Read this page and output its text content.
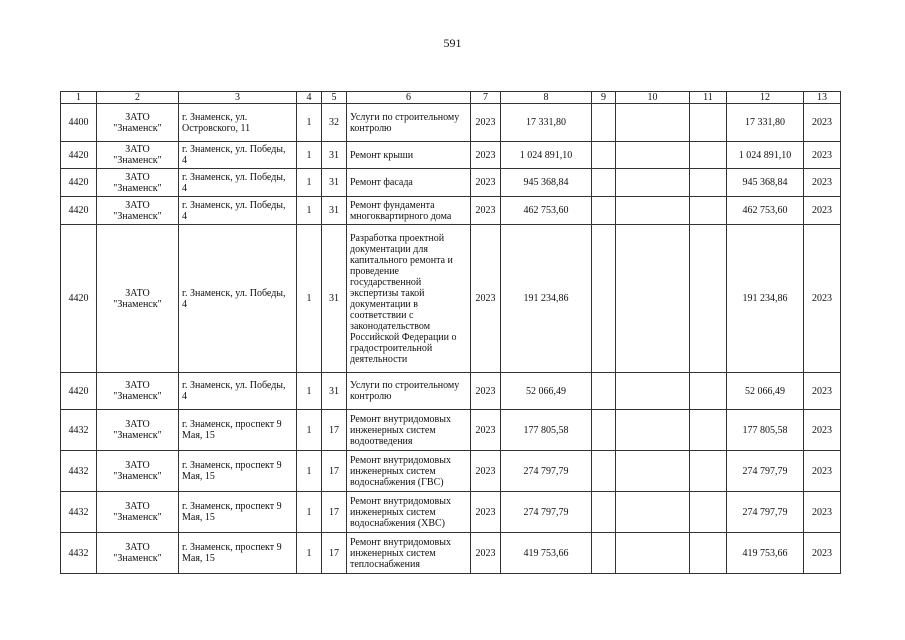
591
1	2	3	4	5	6	7	8	9	10	11	12	13
4400	ЗАТО "Знаменск"	г. Знаменск, ул. Островского, 11	1	32	Услуги по строительному контролю	2023	17 331,80				17 331,80	2023
4420	ЗАТО "Знаменск"	г. Знаменск, ул. Победы, 4	1	31	Ремонт крыши	2023	1 024 891,10				1 024 891,10	2023
4420	ЗАТО "Знаменск"	г. Знаменск, ул. Победы, 4	1	31	Ремонт фасада	2023	945 368,84				945 368,84	2023
4420	ЗАТО "Знаменск"	г. Знаменск, ул. Победы, 4	1	31	Ремонт фундамента многоквартирного дома	2023	462 753,60				462 753,60	2023
4420	ЗАТО "Знаменск"	г. Знаменск, ул. Победы, 4	1	31	Разработка проектной документации для капитального ремонта и проведение государственной экспертизы такой документации в соответствии с законодательством Российской Федерации о градостроительной деятельности	2023	191 234,86				191 234,86	2023
4420	ЗАТО "Знаменск"	г. Знаменск, ул. Победы, 4	1	31	Услуги по строительному контролю	2023	52 066,49				52 066,49	2023
4432	ЗАТО "Знаменск"	г. Знаменск, проспект 9 Мая, 15	1	17	Ремонт внутридомовых инженерных систем водоотведения	2023	177 805,58				177 805,58	2023
4432	ЗАТО "Знаменск"	г. Знаменск, проспект 9 Мая, 15	1	17	Ремонт внутридомовых инженерных систем водоснабжения (ГВС)	2023	274 797,79				274 797,79	2023
4432	ЗАТО "Знаменск"	г. Знаменск, проспект 9 Мая, 15	1	17	Ремонт внутридомовых инженерных систем водоснабжения (ХВС)	2023	274 797,79				274 797,79	2023
4432	ЗАТО "Знаменск"	г. Знаменск, проспект 9 Мая, 15	1	17	Ремонт внутридомовых инженерных систем теплоснабжения	2023	419 753,66				419 753,66	2023
